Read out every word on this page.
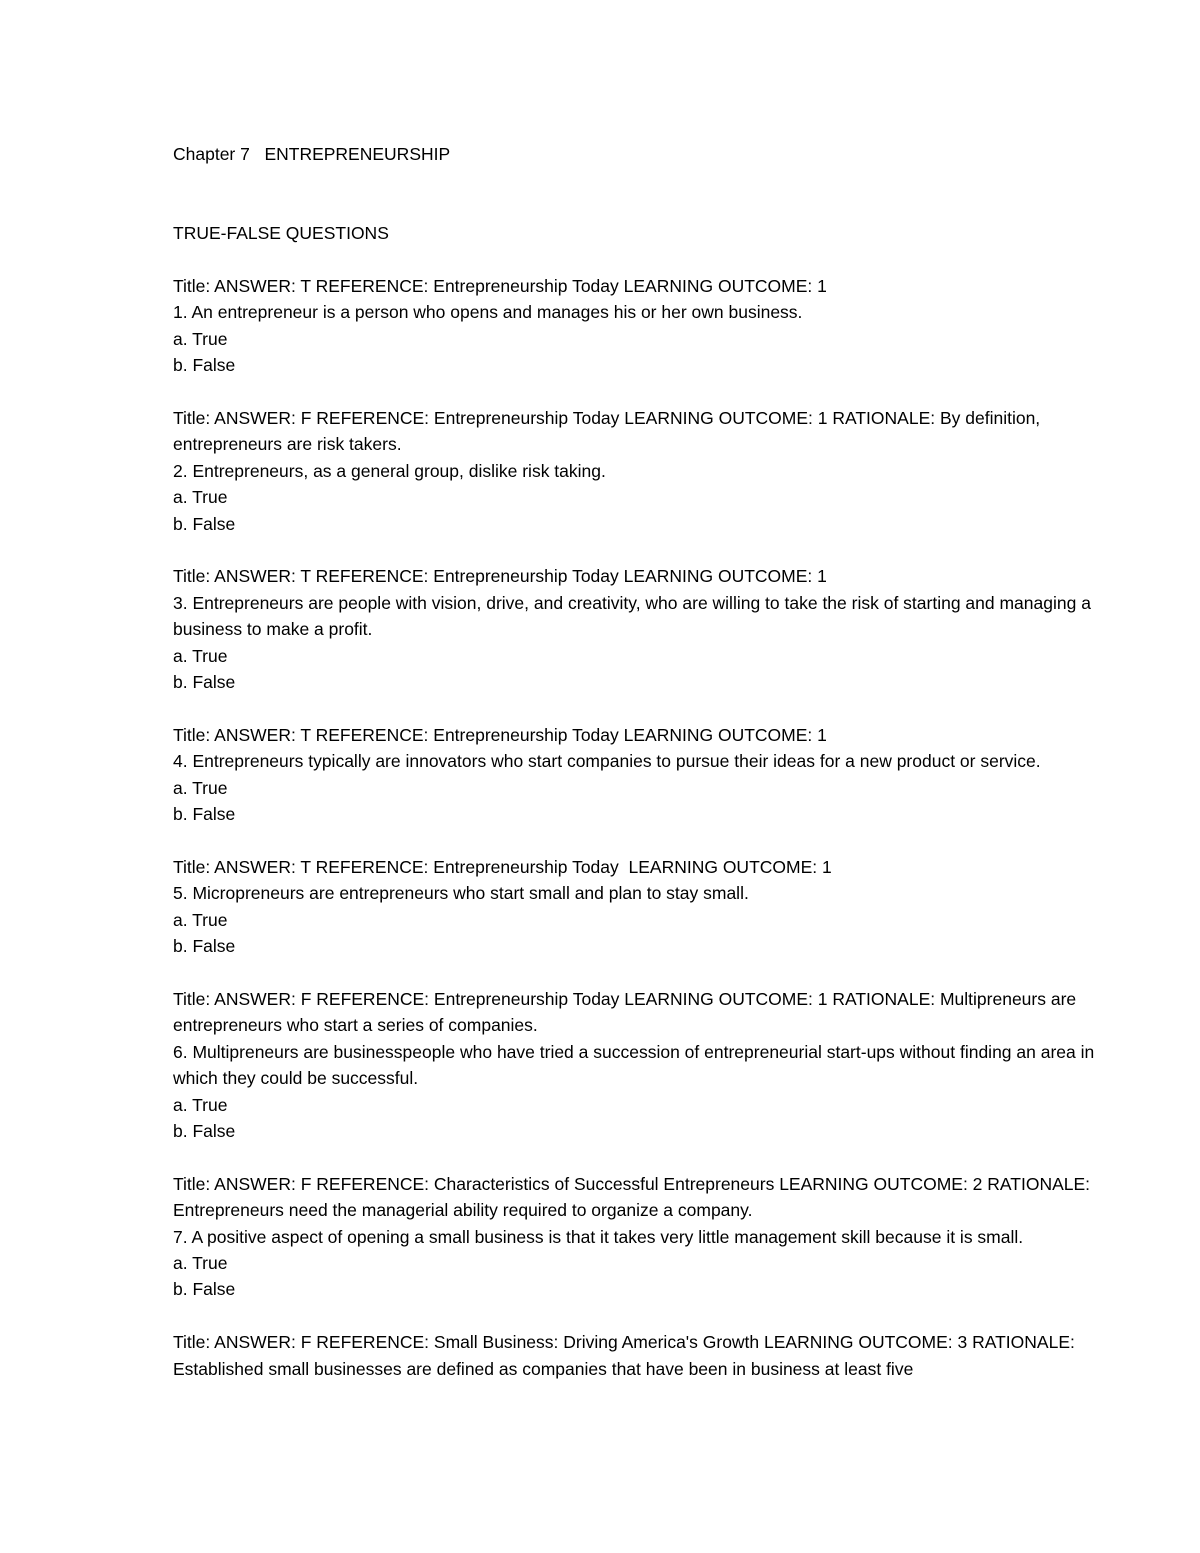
Chapter 7   ENTREPRENEURSHIP

TRUE-FALSE QUESTIONS

Title: ANSWER: T REFERENCE: Entrepreneurship Today LEARNING OUTCOME: 1

1. An entrepreneur is a person who opens and manages his or her own business.

a. True

b. False

Title: ANSWER: F REFERENCE: Entrepreneurship Today LEARNING OUTCOME: 1 RATIONALE: By definition, entrepreneurs are risk takers.

2. Entrepreneurs, as a general group, dislike risk taking.

a. True

b. False

Title: ANSWER: T REFERENCE: Entrepreneurship Today LEARNING OUTCOME: 1

3. Entrepreneurs are people with vision, drive, and creativity, who are willing to take the risk of starting and managing a business to make a profit.

a. True

b. False

Title: ANSWER: T REFERENCE: Entrepreneurship Today LEARNING OUTCOME: 1

4. Entrepreneurs typically are innovators who start companies to pursue their ideas for a new product or service.

a. True

b. False

Title: ANSWER: T REFERENCE: Entrepreneurship Today  LEARNING OUTCOME: 1

5. Micropreneurs are entrepreneurs who start small and plan to stay small.

a. True

b. False

Title: ANSWER: F REFERENCE: Entrepreneurship Today LEARNING OUTCOME: 1 RATIONALE: Multipreneurs are entrepreneurs who start a series of companies.

6. Multipreneurs are businesspeople who have tried a succession of entrepreneurial start-ups without finding an area in which they could be successful.

a. True

b. False

Title: ANSWER: F REFERENCE: Characteristics of Successful Entrepreneurs LEARNING OUTCOME: 2 RATIONALE: Entrepreneurs need the managerial ability required to organize a company.

7. A positive aspect of opening a small business is that it takes very little management skill because it is small.

a. True

b. False

Title: ANSWER: F REFERENCE: Small Business: Driving America's Growth LEARNING OUTCOME: 3 RATIONALE: Established small businesses are defined as companies that have been in business at least five
